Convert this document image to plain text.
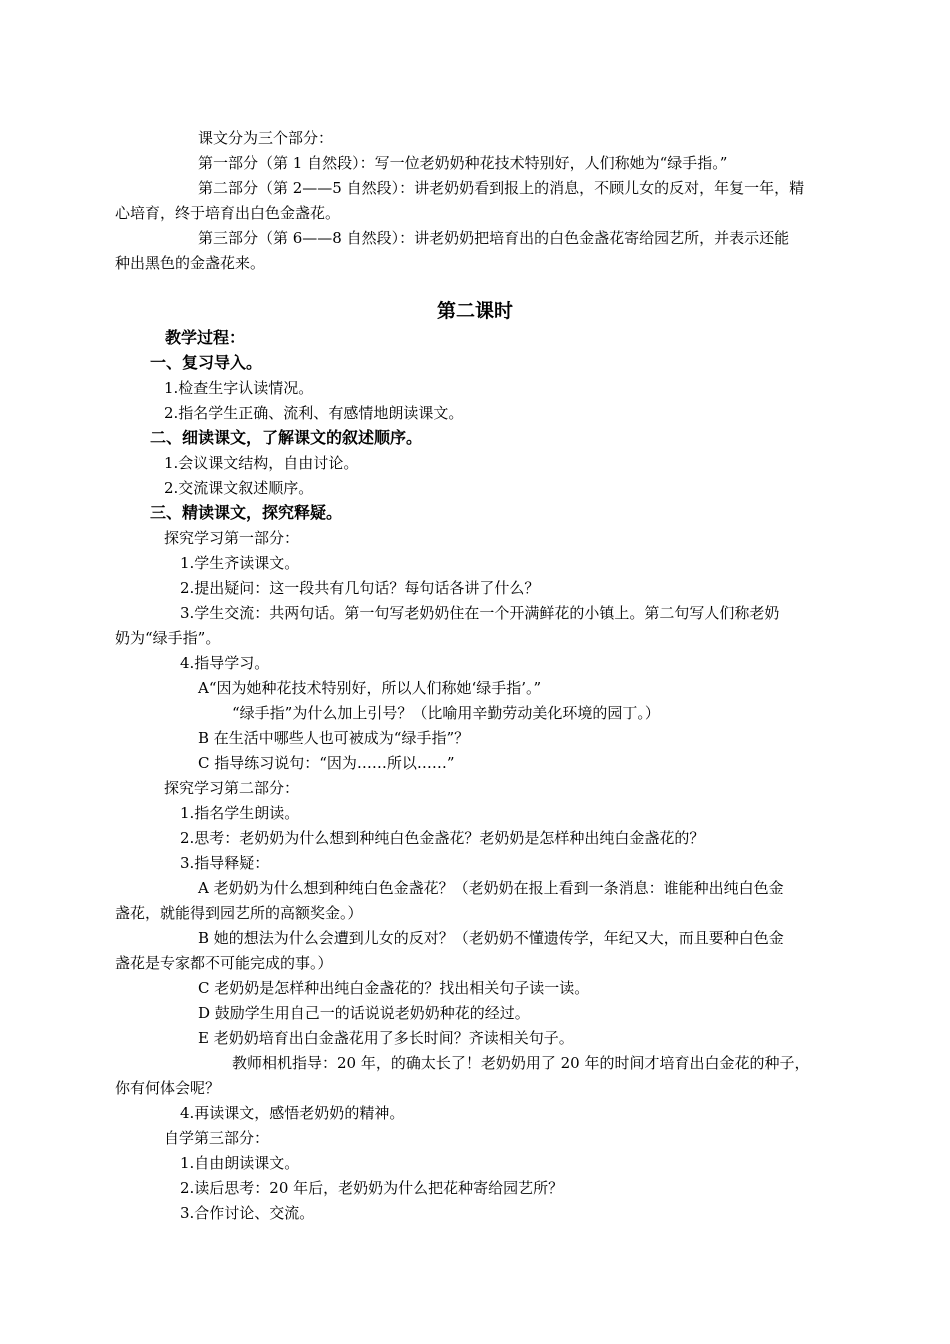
课文分为三个部分：
第一部分（第 1 自然段）：写一位老奶奶种花技术特别好，人们称她为“绿手指。”
第二部分（第 2——5 自然段）：讲老奶奶看到报上的消息，不顾儿女的反对，年复一年，精
心培育，终于培育出白色金盏花。
第三部分（第 6——8 自然段）：讲老奶奶把培育出的白色金盏花寄给园艺所，并表示还能
种出黑色的金盏花来。
第二课时
教学过程：
一、复习导入。
1.检查生字认读情况。
2.指名学生正确、流利、有感情地朗读课文。
二、细读课文，了解课文的叙述顺序。
1.会议课文结构，自由讨论。
2.交流课文叙述顺序。
三、精读课文，探究释疑。
探究学习第一部分：
1.学生齐读课文。
2.提出疑问：这一段共有几句话？每句话各讲了什么？
3.学生交流：共两句话。第一句写老奶奶住在一个开满鲜花的小镇上。第二句写人们称老奶
奶为“绿手指”。
4.指导学习。
A“因为她种花技术特别好，所以人们称她‘绿手指’。”
“绿手指”为什么加上引号？（比喻用辛勤劳动美化环境的园丁。）
B 在生活中哪些人也可被成为“绿手指”？
C 指导练习说句：“因为……所以……”
探究学习第二部分：
1.指名学生朗读。
2.思考：老奶奶为什么想到种纯白色金盏花？老奶奶是怎样种出纯白金盏花的？
3.指导释疑：
A 老奶奶为什么想到种纯白色金盏花？（老奶奶在报上看到一条消息：谁能种出纯白色金
盏花，就能得到园艺所的高额奖金。）
B 她的想法为什么会遭到儿女的反对？（老奶奶不懂遗传学，年纪又大，而且要种白色金
盏花是专家都不可能完成的事。）
C 老奶奶是怎样种出纯白金盏花的？找出相关句子读一读。
D 鼓励学生用自己一的话说说老奶奶种花的经过。
E 老奶奶培育出白金盏花用了多长时间？齐读相关句子。
教师相机指导：20 年，的确太长了！老奶奶用了 20 年的时间才培育出白金花的种子，
你有何体会呢？
4.再读课文，感悟老奶奶的精神。
自学第三部分：
1.自由朗读课文。
2.读后思考：20 年后，老奶奶为什么把花种寄给园艺所？
3.合作讨论、交流。
